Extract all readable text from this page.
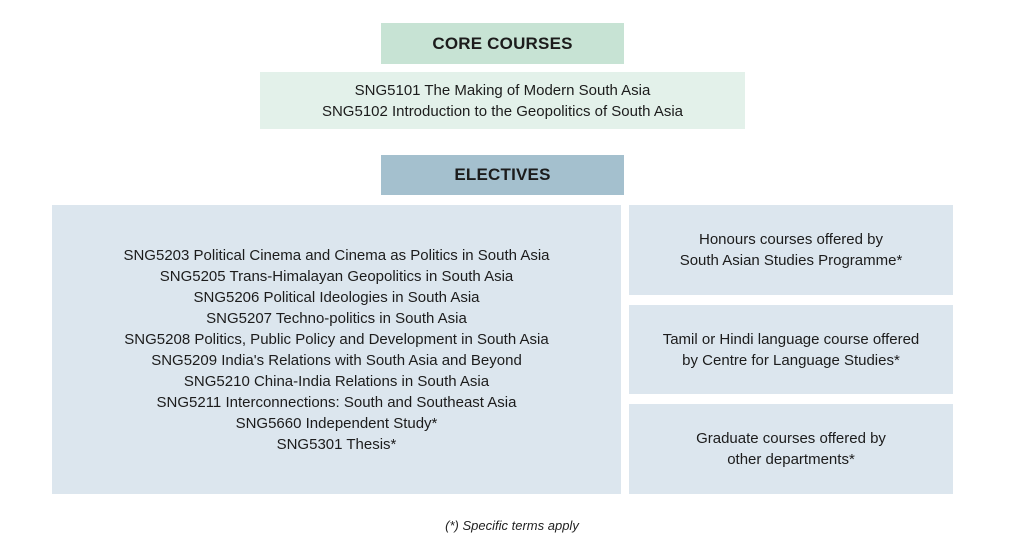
CORE COURSES
SNG5101 The Making of Modern South Asia
SNG5102 Introduction to the Geopolitics of South Asia
ELECTIVES
SNG5203 Political Cinema and Cinema as Politics in South Asia
SNG5205 Trans-Himalayan Geopolitics in South Asia
SNG5206 Political Ideologies in South Asia
SNG5207 Techno-politics in South Asia
SNG5208 Politics, Public Policy and Development in South Asia
SNG5209 India's Relations with South Asia and Beyond
SNG5210 China-India Relations in South Asia
SNG5211 Interconnections: South and Southeast Asia
SNG5660 Independent Study*
SNG5301 Thesis*
Honours courses offered by
South Asian Studies Programme*
Tamil or Hindi language course offered
by Centre for Language Studies*
Graduate courses offered by
other departments*
(*) Specific terms apply
